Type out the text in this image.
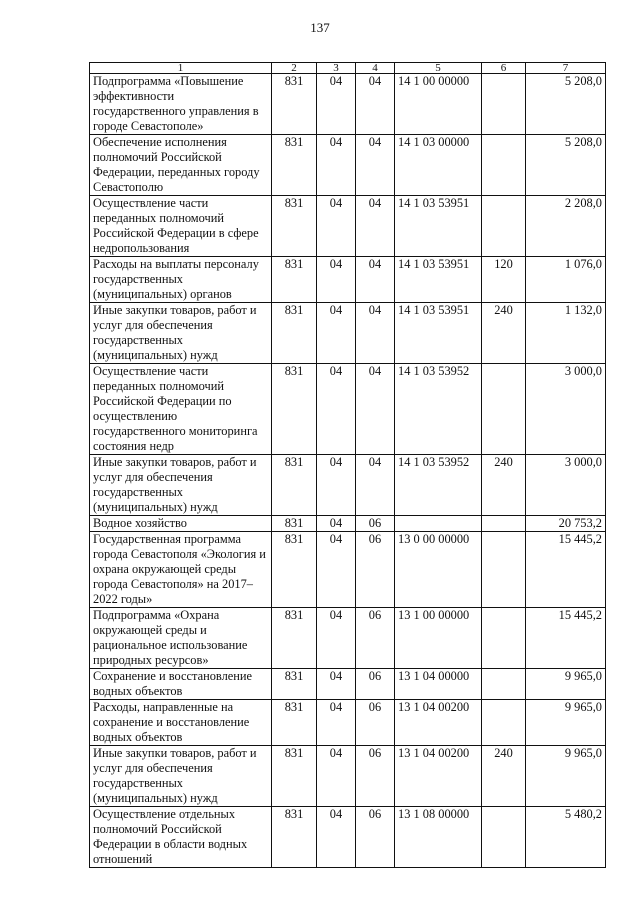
137
1	2	3	4	5	6	7
Подпрограмма «Повышение эффективности государственного управления в городе Севастополе»	831	04	04	14 1 00 00000		5 208,0
Обеспечение исполнения полномочий Российской Федерации, переданных городу Севастополю	831	04	04	14 1 03 00000		5 208,0
Осуществление части переданных полномочий Российской Федерации в сфере недропользования	831	04	04	14 1 03 53951		2 208,0
Расходы на выплаты персоналу государственных (муниципальных) органов	831	04	04	14 1 03 53951	120	1 076,0
Иные закупки товаров, работ и услуг для обеспечения государственных (муниципальных) нужд	831	04	04	14 1 03 53951	240	1 132,0
Осуществление части переданных полномочий Российской Федерации по осуществлению государственного мониторинга состояния недр	831	04	04	14 1 03 53952		3 000,0
Иные закупки товаров, работ и услуг для обеспечения государственных (муниципальных) нужд	831	04	04	14 1 03 53952	240	3 000,0
Водное хозяйство	831	04	06			20 753,2
Государственная программа города Севастополя «Экология и охрана окружающей среды города Севастополя» на 2017–2022 годы»	831	04	06	13 0 00 00000		15 445,2
Подпрограмма «Охрана окружающей среды и рациональное использование природных ресурсов»	831	04	06	13 1 00 00000		15 445,2
Сохранение и восстановление водных объектов	831	04	06	13 1 04 00000		9 965,0
Расходы, направленные на сохранение и восстановление водных объектов	831	04	06	13 1 04 00200		9 965,0
Иные закупки товаров, работ и услуг для обеспечения государственных (муниципальных) нужд	831	04	06	13 1 04 00200	240	9 965,0
Осуществление отдельных полномочий Российской Федерации в области водных отношений	831	04	06	13 1 08 00000		5 480,2
